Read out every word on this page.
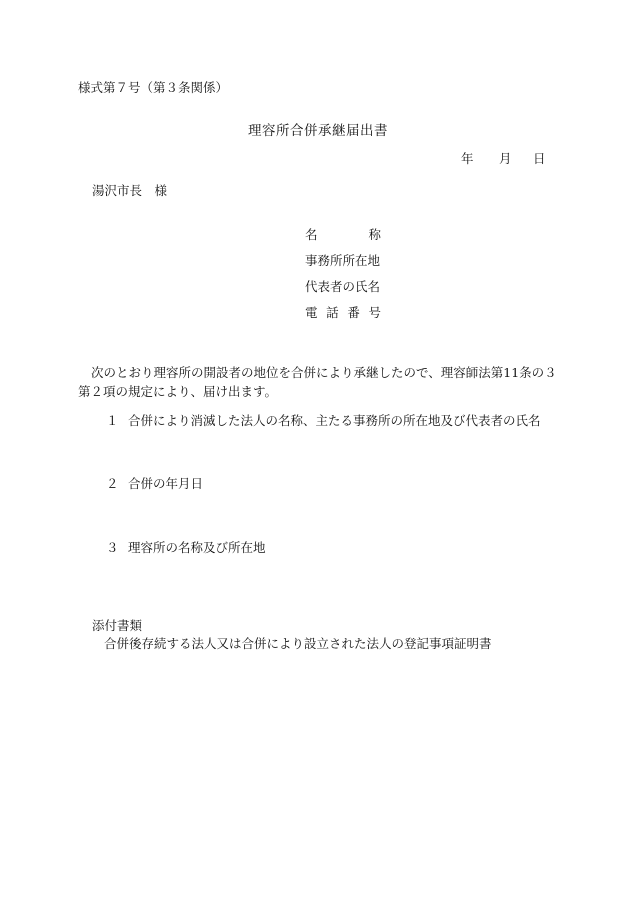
様式第７号（第３条関係）
理容所合併承継届出書
年 月 日
湯沢市長　様
名	称
事務所所在地
代表者の氏名
電 話 番 号
次のとおり理容所の開設者の地位を合併により承継したので、理容師法第11条の３
第２項の規定により、届け出ます。
１ 合併により消滅した法人の名称、主たる事務所の所在地及び代表者の氏名
２ 合併の年月日
３ 理容所の名称及び所在地
添付書類
合併後存続する法人又は合併により設立された法人の登記事項証明書
